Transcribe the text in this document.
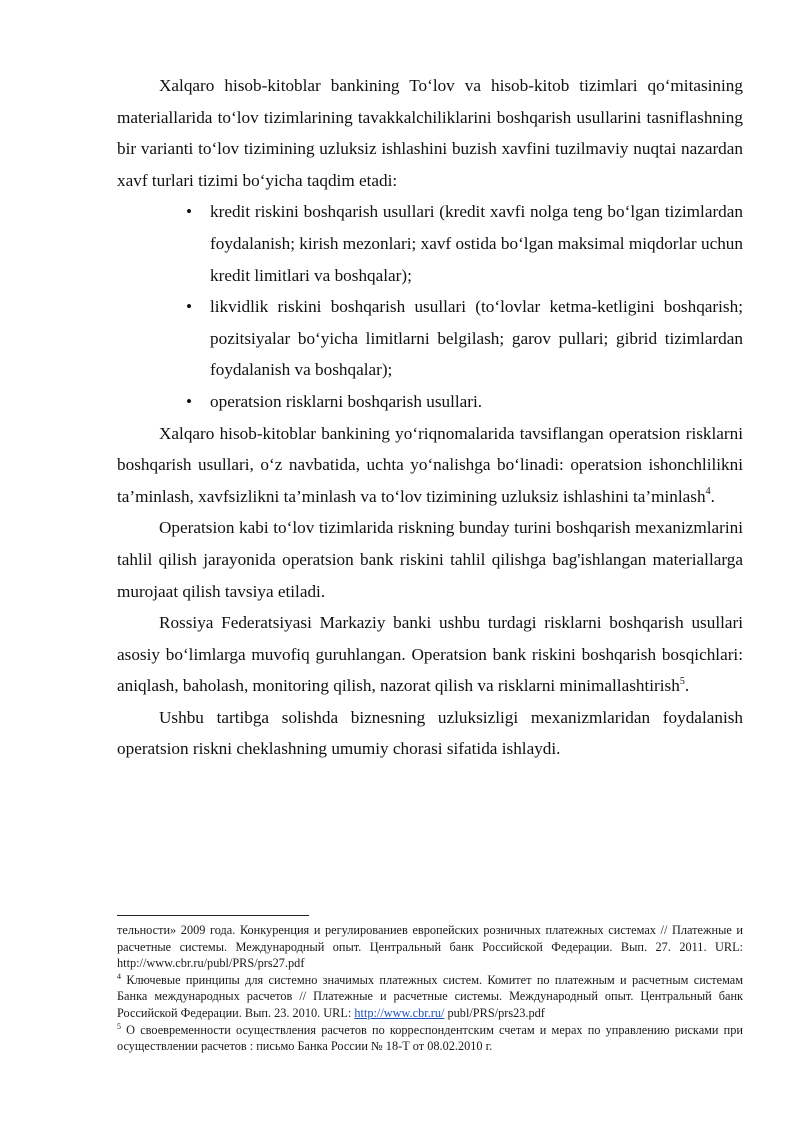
Xalqaro hisob-kitoblar bankining To‘lov va hisob-kitob tizimlari qo‘mitasining materiallarida to‘lov tizimlarining tavakkalchiliklarini boshqarish usullarini tasniflashning bir varianti to‘lov tizimining uzluksiz ishlashini buzish xavfini tuzilmaviy nuqtai nazardan xavf turlari tizimi bo‘yicha taqdim etadi:

• kredit riskini boshqarish usullari (kredit xavfi nolga teng bo‘lgan tizimlardan foydalanish; kirish mezonlari; xavf ostida bo‘lgan maksimal miqdorlar uchun kredit limitlari va boshqalar);
• likvidlik riskini boshqarish usullari (to‘lovlar ketma-ketligini boshqarish; pozitsiyalar bo‘yicha limitlarni belgilash; garov pullari; gibrid tizimlardan foydalanish va boshqalar);
• operatsion risklarni boshqarish usullari.

Xalqaro hisob-kitoblar bankining yo‘riqnomalarida tavsiflangan operatsion risklarni boshqarish usullari, o‘z navbatida, uchta yo‘nalishga bo‘linadi: operatsion ishonchlilikni ta’minlash, xavfsizlikni ta’minlash va to‘lov tizimining uzluksiz ishlashini ta’minlash$^4$.

Operatsion kabi to‘lov tizimlarida riskning bunday turini boshqarish mexanizmlarini tahlil qilish jarayonida operatsion bank riskini tahlil qilishga bag'ishlangan materiallarga murojaat qilish tavsiya etiladi.

Rossiya Federatsiyasi Markaziy banki ushbu turdagi risklarni boshqarish usullari asosiy bo‘limlarga muvofiq guruhlangan. Operatsion bank riskini boshqarish bosqichlari: aniqlash, baholash, monitoring qilish, nazorat qilish va risklarni minimallashtirish$^5$.

Ushbu tartibga solishda biznesning uzluksizligi mexanizmlaridan foydalanish operatsion riskni cheklashning umumiy chorasi sifatida ishlaydi.

тельности» 2009 года. Конкуренция и регулированиев европейских розничных платежных системах // Платежные и расчетные системы. Международный опыт. Центральный банк Российской Федерации. Вып. 27. 2011. URL: http://www.cbr.ru/publ/PRS/prs27.pdf

$^4$ Ключевые принципы для системно значимых платежных систем. Комитет по платежным и расчетным системам Банка международных расчетов // Платежные и расчетные системы. Международный опыт. Центральный банк Российской Федерации. Вып. 23. 2010. URL: http://www.cbr.ru/ publ/PRS/prs23.pdf

$^5$ О своевременности осуществления расчетов по корреспондентским счетам и мерах по управлению рисками при осуществлении расчетов : письмо Банка России № 18-Т от 08.02.2010 г.
